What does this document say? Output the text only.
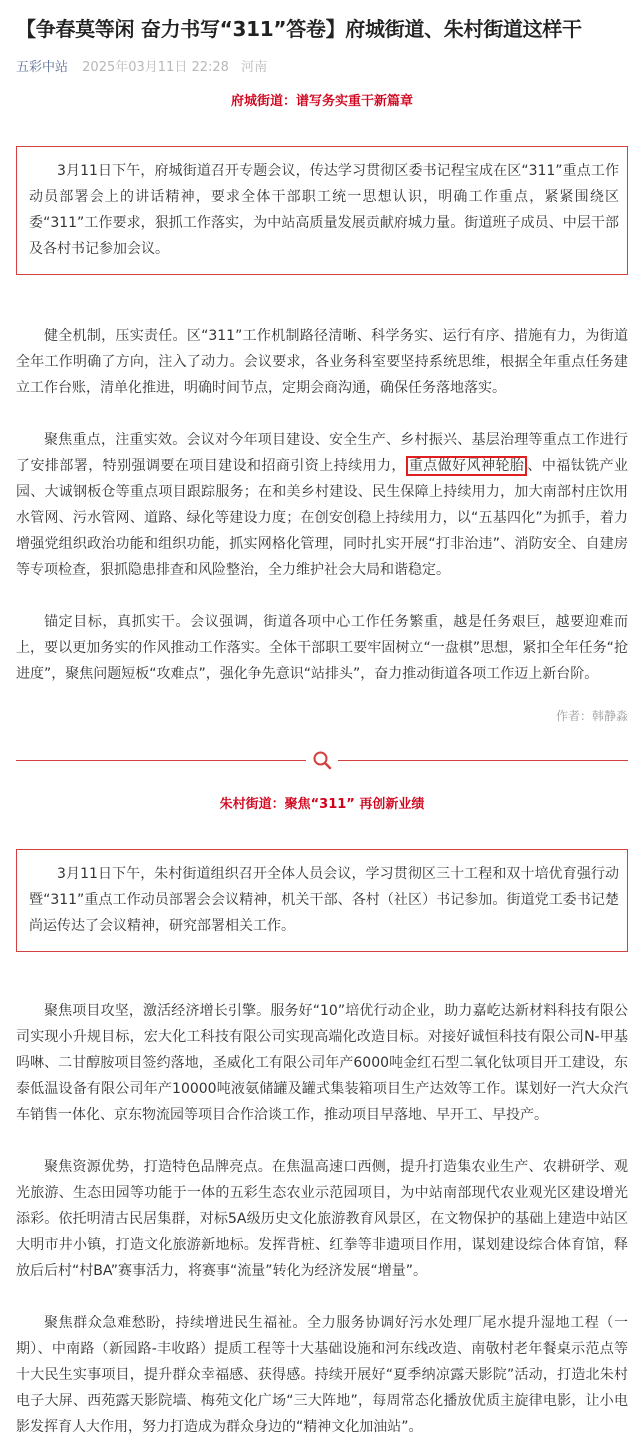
【争春莫等闲 奋力书写“311”答卷】府城街道、朱村街道这样干
五彩中站 2025年03月11日 22:28 河南
府城街道：谱写务实重干新篇章
3月11日下午，府城街道召开专题会议，传达学习贯彻区委书记程宝成在区“311”重点工作动员部署会上的讲话精神，要求全体干部职工统一思想认识，明确工作重点，紧紧围绕区委“311”工作要求，狠抓工作落实，为中站高质量发展贡献府城力量。街道班子成员、中层干部及各村书记参加会议。

健全机制，压实责任。区“311”工作机制路径清晰、科学务实、运行有序、措施有力，为街道全年工作明确了方向，注入了动力。会议要求，各业务科室要坚持系统思维，根据全年重点任务建立工作台账，清单化推进，明确时间节点，定期会商沟通，确保任务落地落实。

聚焦重点，注重实效。会议对今年项目建设、安全生产、乡村振兴、基层治理等重点工作进行了安排部署，特别强调要在项目建设和招商引资上持续用力， 重点做好风神轮胎 、中福钛铣产业园、大诚钢板仓等重点项目跟踪服务；在和美乡村建设、民生保障上持续用力，加大南部村庄饮用水管网、污水管网、道路、绿化等建设力度；在创安创稳上持续用力，以“五基四化”为抓手，着力增强党组织政治功能和组织功能，抓实网格化管理，同时扎实开展“打非治违”、消防安全、自建房等专项检查，狠抓隐患排查和风险整治，全力维护社会大局和谐稳定。

锚定目标，真抓实干。会议强调，街道各项中心工作任务繁重，越是任务艰巨，越要迎难而上，要以更加务实的作风推动工作落实。全体干部职工要牢固树立“一盘棋”思想，紧扣全年任务“抢进度”，聚焦问题短板“攻难点”，强化争先意识“站排头”，奋力推动街道各项工作迈上新台阶。

作者：韩静淼
朱村街道：聚焦“311” 再创新业绩
3月11日下午，朱村街道组织召开全体人员会议，学习贯彻区三十工程和双十培优育强行动暨“311”重点工作动员部署会会议精神，机关干部、各村（社区）书记参加。街道党工委书记楚尚运传达了会议精神，研究部署相关工作。

聚焦项目攻坚，激活经济增长引擎。服务好“10”培优行动企业，助力嘉屹达新材料科技有限公司实现小升规目标，宏大化工科技有限公司实现高端化改造目标。对接好诚恒科技有限公司N-甲基吗啉、二甘醇胺项目签约落地，圣威化工有限公司年产6000吨金红石型二氧化钛项目开工建设，东泰低温设备有限公司年产10000吨液氨储罐及罐式集装箱项目生产达效等工作。谋划好一汽大众汽车销售一体化、京东物流园等项目合作洽谈工作，推动项目早落地、早开工、早投产。

聚焦资源优势，打造特色品牌亮点。在焦温高速口西侧，提升打造集农业生产、农耕研学、观光旅游、生态田园等功能于一体的五彩生态农业示范园项目，为中站南部现代农业观光区建设增光添彩。依托明清古民居集群，对标5A级历史文化旅游教育风景区，在文物保护的基础上建造中站区大明市井小镇，打造文化旅游新地标。发挥背桩、红拳等非遗项目作用，谋划建设综合体育馆，释放后后村“村BA”赛事活力，将赛事“流量”转化为经济发展“增量”。

聚焦群众急难愁盼，持续增进民生福祉。全力服务协调好污水处理厂尾水提升湿地工程（一期）、中南路（新园路-丰收路）提质工程等十大基础设施和河东线改造、南敬村老年餐桌示范点等十大民生实事项目，提升群众幸福感、获得感。持续开展好“夏季纳凉露天影院”活动，打造北朱村电子大屏、西苑露天影院墙、梅苑文化广场“三大阵地”，每周常态化播放优质主旋律电影，让小电影发挥育人大作用，努力打造成为群众身边的“精神文化加油站”。
